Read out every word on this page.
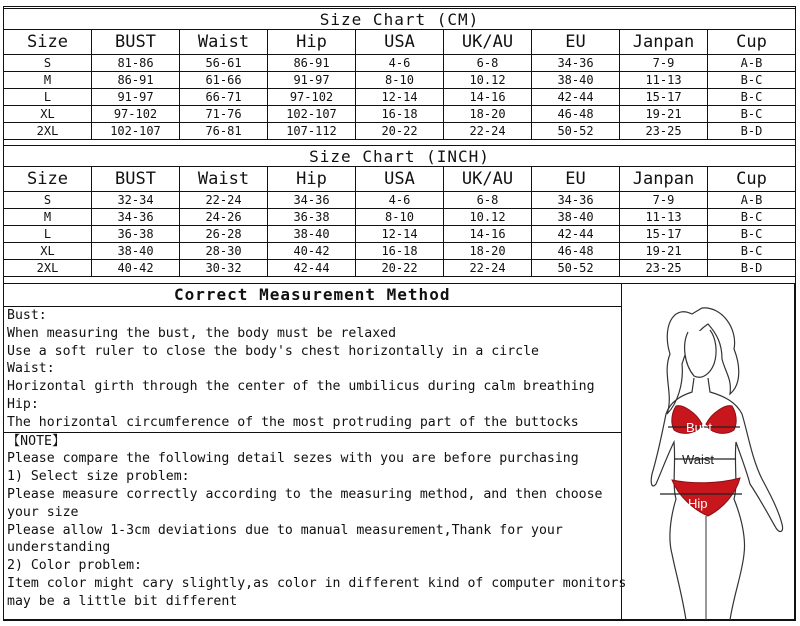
Size Chart (CM)								
Size	BUST	Waist	Hip	USA	UK/AU	EU	Janpan	Cup
S	81-86	56-61	86-91	4-6	6-8	34-36	7-9	A-B
M	86-91	61-66	91-97	8-10	10.12	38-40	11-13	B-C
L	91-97	66-71	97-102	12-14	14-16	42-44	15-17	B-C
XL	97-102	71-76	102-107	16-18	18-20	46-48	19-21	B-C
2XL	102-107	76-81	107-112	20-22	22-24	50-52	23-25	B-D
Size Chart (INCH)								
Size	BUST	Waist	Hip	USA	UK/AU	EU	Janpan	Cup
S	32-34	22-24	34-36	4-6	6-8	34-36	7-9	A-B
M	34-36	24-26	36-38	8-10	10.12	38-40	11-13	B-C
L	36-38	26-28	38-40	12-14	14-16	42-44	15-17	B-C
XL	38-40	28-30	40-42	16-18	18-20	46-48	19-21	B-C
2XL	40-42	30-32	42-44	20-22	22-24	50-52	23-25	B-D
Correct Measurement Method
Bust:
When measuring the bust, the body must be relaxed
Use a soft ruler to close the body's chest horizontally in a circle
Waist:
Horizontal girth through the center of the umbilicus during calm breathing
Hip:
The horizontal circumference of the most protruding part of the buttocks
【NOTE】
Please compare the following detail sezes with you are before purchasing
1) Select size problem:
Please measure correctly according to the measuring method, and then choose
your size
Please allow 1-3cm deviations due to manual measurement,Thank for your
understanding
2) Color problem:
Item color might cary slightly,as color in different kind of computer monitors
may be a little bit different
Bust
Waist
Hip
